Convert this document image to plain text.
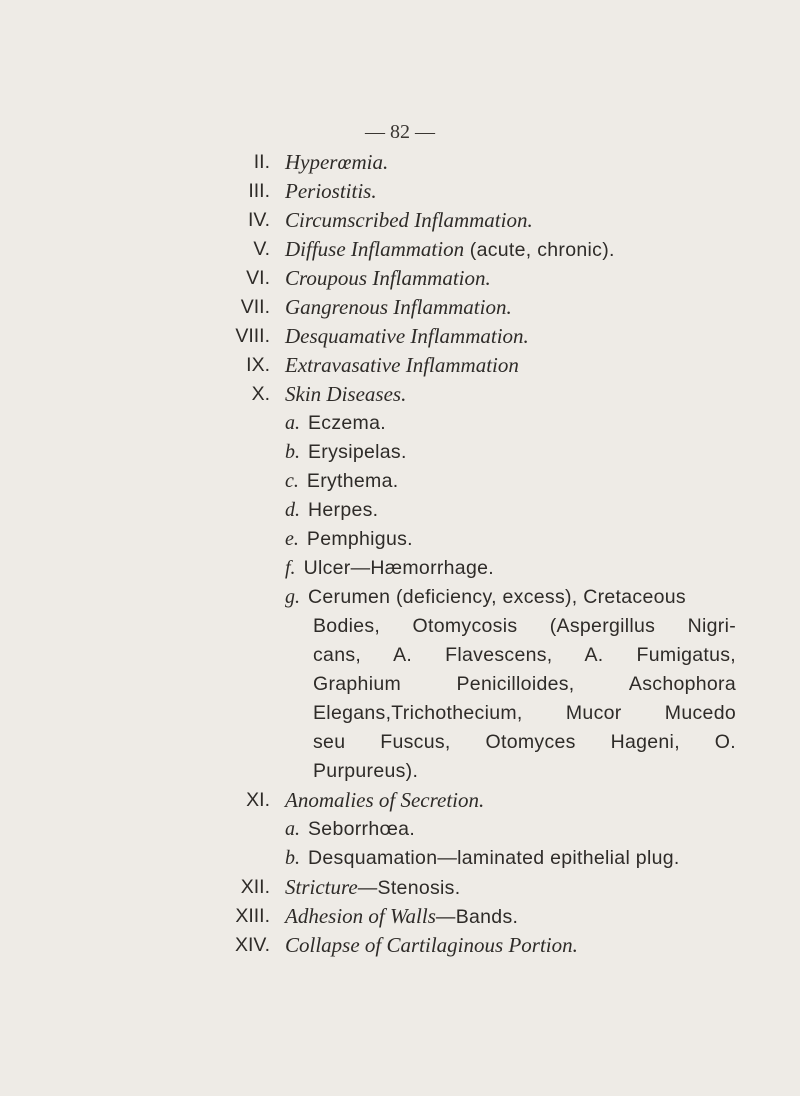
— 82 —
II. Hyperœmia.
III. Periostitis.
IV. Circumscribed Inflammation.
V. Diffuse Inflammation (acute, chronic).
VI. Croupous Inflammation.
VII. Gangrenous Inflammation.
VIII. Desquamative Inflammation.
IX. Extravasative Inflammation
X. Skin Diseases.
a. Eczema.
b. Erysipelas.
c. Erythema.
d. Herpes.
e. Pemphigus.
f. Ulcer—Hæmorrhage.
g. Cerumen (deficiency, excess), Cretaceous
Bodies, Otomycosis (Aspergillus Nigri-
cans, A. Flavescens, A. Fumigatus,
Graphium Penicilloides, Aschophora
Elegans,Trichothecium, Mucor Mucedo
seu Fuscus, Otomyces Hageni, O.
Purpureus).
XI. Anomalies of Secretion.
a. Seborrhœa.
b. Desquamation—laminated epithelial plug.
XII. Stricture—Stenosis.
XIII. Adhesion of Walls—Bands.
XIV. Collapse of Cartilaginous Portion.
